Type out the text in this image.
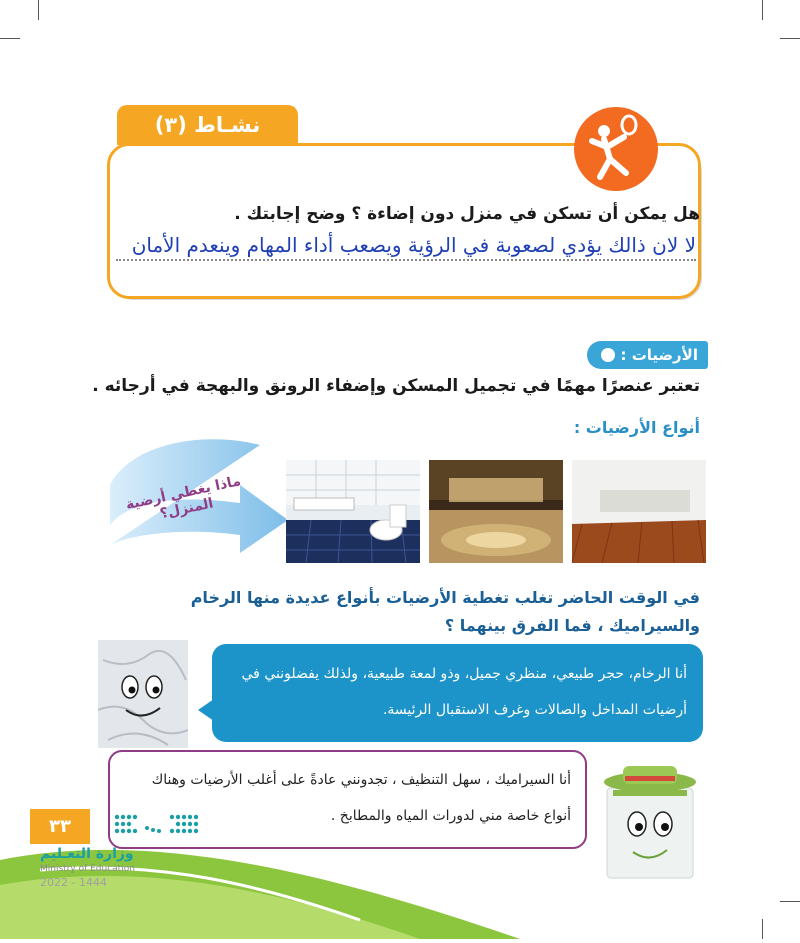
نشـاط (٣)
هل يمكن أن تسكن في منزل دون إضاءة ؟ وضح إجابتك .
لا لان ذالك يؤدي لصعوبة في الرؤية ويصعب أداء المهام وينعدم الأمان
الأرضيات :
تعتبر عنصرًا مهمًا في تجميل المسكن وإضفاء الرونق والبهجة في أرجائه .
أنواع الأرضيات :
ماذا يغطي أرضية المنزل؟
في الوقت الحاضر تغلب تغطية الأرضيات بأنواع عديدة منها الرخام والسيراميك ، فما الفرق بينهما ؟
أنا الرخام، حجر طبيعي، منظري جميل، وذو لمعة طبيعية، ولذلك يفضلونني في أرضيات المداخل والصالات وغرف الاستقبال الرئيسة.
أنا السيراميك ، سهل التنظيف ، تجدونني عادةً على أغلب الأرضيات وهناك أنواع خاصة مني لدورات المياه والمطابخ .
٣٣
وزارة التعـليم
Ministry of Education
2022 - 1444
